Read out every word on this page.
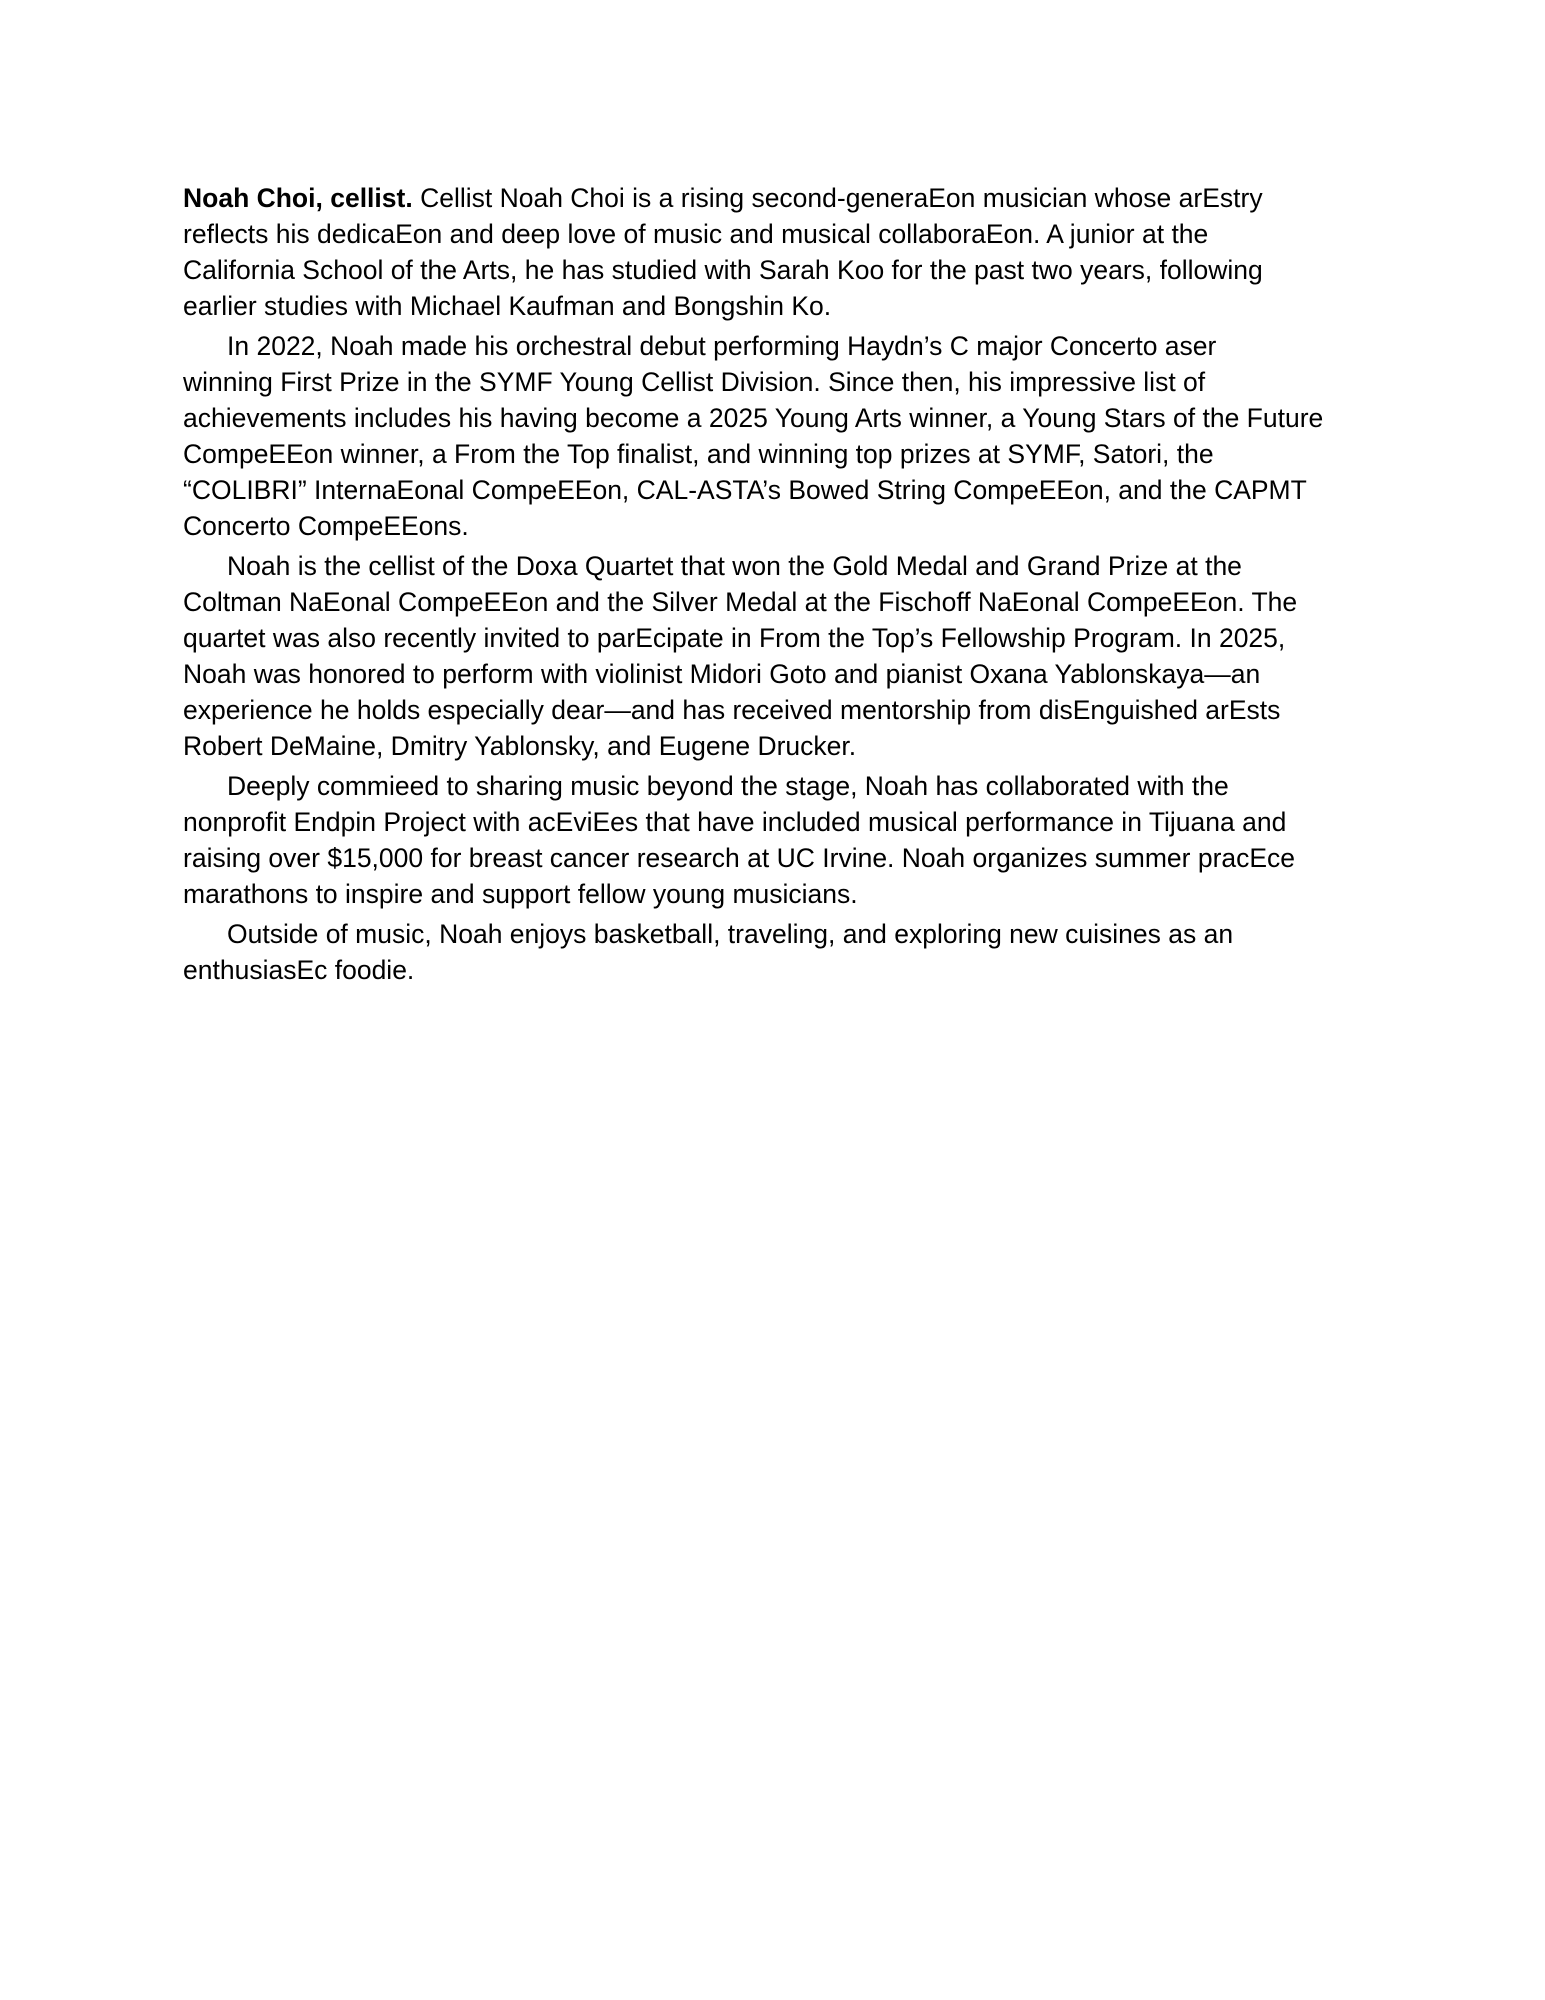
Noah Choi, cellist. Cellist Noah Choi is a rising second-generaEon musician whose arEstry
reflects his dedicaEon and deep love of music and musical collaboraEon. A junior at the
California School of the Arts, he has studied with Sarah Koo for the past two years, following
earlier studies with Michael Kaufman and Bongshin Ko.

In 2022, Noah made his orchestral debut performing Haydn’s C major Concerto aser
winning First Prize in the SYMF Young Cellist Division. Since then, his impressive list of
achievements includes his having become a 2025 Young Arts winner, a Young Stars of the Future
CompeEEon winner, a From the Top finalist, and winning top prizes at SYMF, Satori, the
“COLIBRI” InternaEonal CompeEEon, CAL-ASTA’s Bowed String CompeEEon, and the CAPMT
Concerto CompeEEons.

Noah is the cellist of the Doxa Quartet that won the Gold Medal and Grand Prize at the
Coltman NaEonal CompeEEon and the Silver Medal at the Fischoff NaEonal CompeEEon. The
quartet was also recently invited to parEcipate in From the Top’s Fellowship Program. In 2025,
Noah was honored to perform with violinist Midori Goto and pianist Oxana Yablonskaya—an
experience he holds especially dear—and has received mentorship from disEnguished arEsts
Robert DeMaine, Dmitry Yablonsky, and Eugene Drucker.

Deeply commieed to sharing music beyond the stage, Noah has collaborated with the
nonprofit Endpin Project with acEviEes that have included musical performance in Tijuana and
raising over $15,000 for breast cancer research at UC Irvine. Noah organizes summer pracEce
marathons to inspire and support fellow young musicians.

Outside of music, Noah enjoys basketball, traveling, and exploring new cuisines as an
enthusiasEc foodie.
